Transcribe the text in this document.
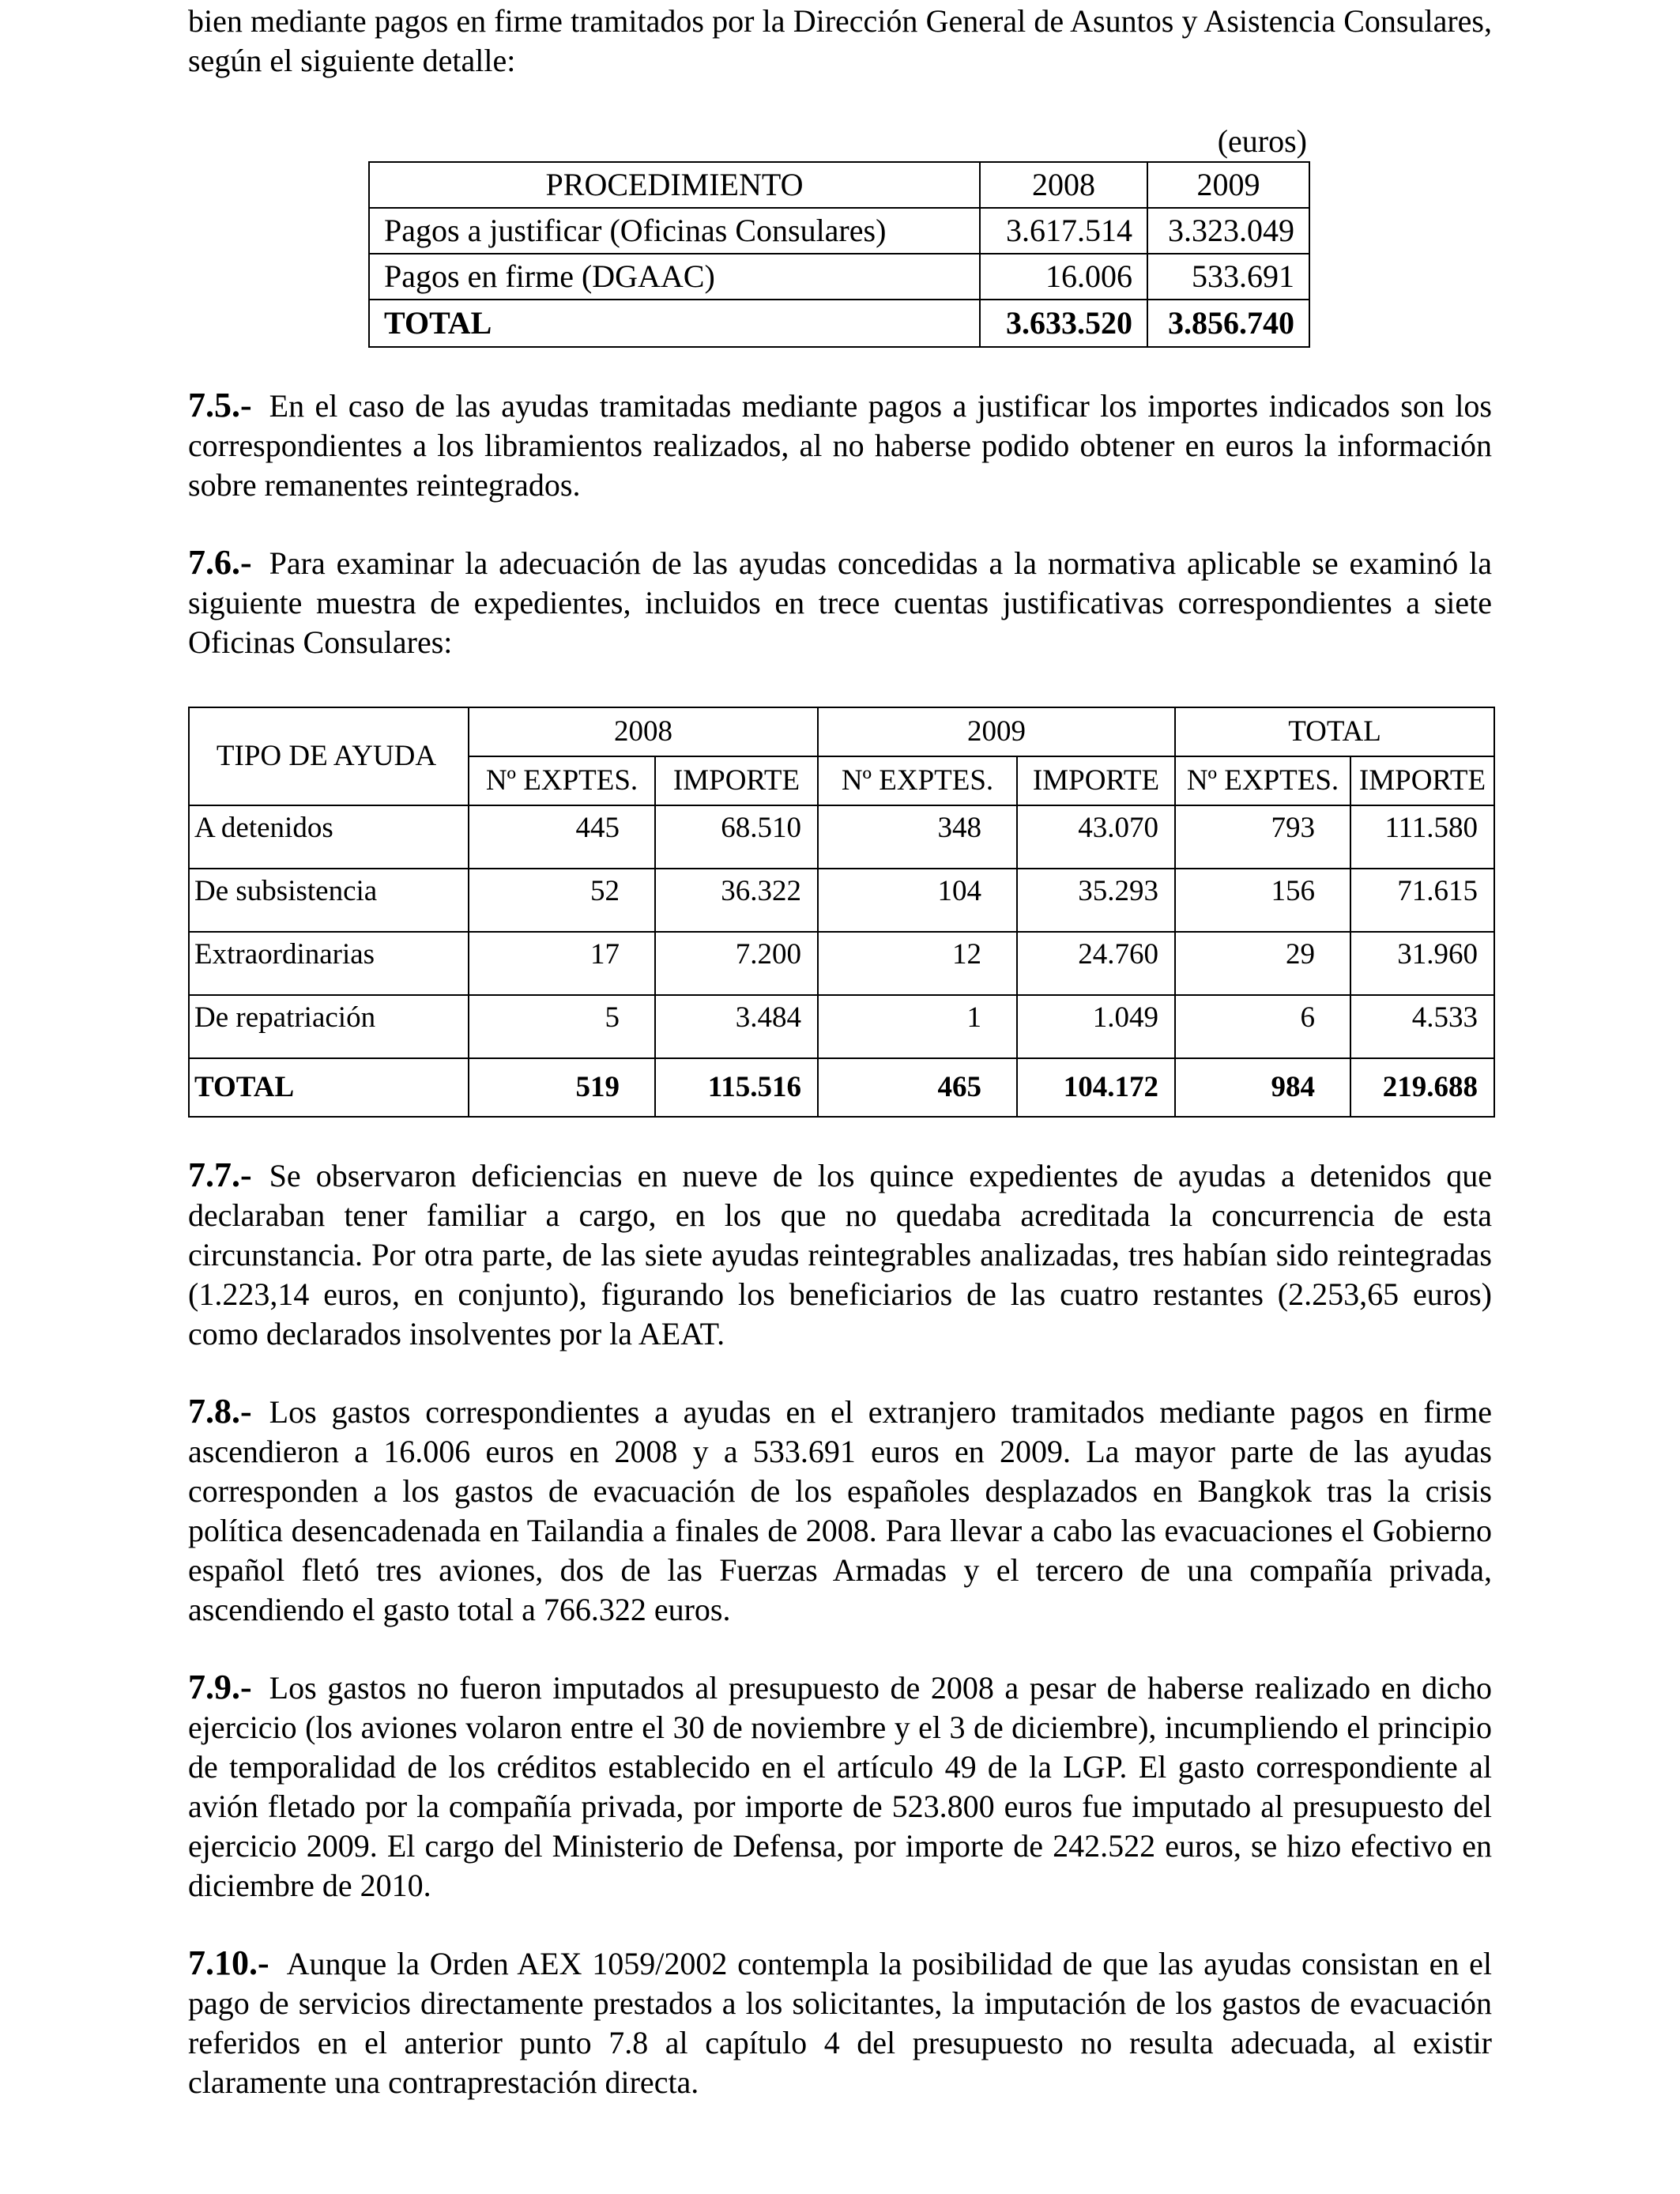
bien mediante pagos en firme tramitados por la Dirección General de Asuntos y Asistencia Consulares, según el siguiente detalle:

(euros)
PROCEDIMIENTO	2008	2009
Pagos a justificar (Oficinas Consulares)	3.617.514	3.323.049
Pagos en firme (DGAAC)	16.006	533.691
TOTAL	3.633.520	3.856.740

7.5.- En el caso de las ayudas tramitadas mediante pagos a justificar los importes indicados son los correspondientes a los libramientos realizados, al no haberse podido obtener en euros la información sobre remanentes reintegrados.

7.6.- Para examinar la adecuación de las ayudas concedidas a la normativa aplicable se examinó la siguiente muestra de expedientes, incluidos en trece cuentas justificativas correspondientes a siete Oficinas Consulares:

TIPO DE AYUDA	2008		2009		TOTAL	
	Nº EXPTES.	IMPORTE	Nº EXPTES.	IMPORTE	Nº EXPTES.	IMPORTE
A detenidos	445	68.510	348	43.070	793	111.580
De subsistencia	52	36.322	104	35.293	156	71.615
Extraordinarias	17	7.200	12	24.760	29	31.960
De repatriación	5	3.484	1	1.049	6	4.533
TOTAL	519	115.516	465	104.172	984	219.688

7.7.- Se observaron deficiencias en nueve de los quince expedientes de ayudas a detenidos que declaraban tener familiar a cargo, en los que no quedaba acreditada la concurrencia de esta circunstancia. Por otra parte, de las siete ayudas reintegrables analizadas, tres habían sido reintegradas (1.223,14 euros, en conjunto), figurando los beneficiarios de las cuatro restantes (2.253,65 euros) como declarados insolventes por la AEAT.

7.8.- Los gastos correspondientes a ayudas en el extranjero tramitados mediante pagos en firme ascendieron a 16.006 euros en 2008 y a 533.691 euros en 2009. La mayor parte de las ayudas corresponden a los gastos de evacuación de los españoles desplazados en Bangkok tras la crisis política desencadenada en Tailandia a finales de 2008. Para llevar a cabo las evacuaciones el Gobierno español fletó tres aviones, dos de las Fuerzas Armadas y el tercero de una compañía privada, ascendiendo el gasto total a 766.322 euros.

7.9.- Los gastos no fueron imputados al presupuesto de 2008 a pesar de haberse realizado en dicho ejercicio (los aviones volaron entre el 30 de noviembre y el 3 de diciembre), incumpliendo el principio de temporalidad de los créditos establecido en el artículo 49 de la LGP. El gasto correspondiente al avión fletado por la compañía privada, por importe de 523.800 euros fue imputado al presupuesto del ejercicio 2009. El cargo del Ministerio de Defensa, por importe de 242.522 euros, se hizo efectivo en diciembre de 2010.

7.10.- Aunque la Orden AEX 1059/2002 contempla la posibilidad de que las ayudas consistan en el pago de servicios directamente prestados a los solicitantes, la imputación de los gastos de evacuación referidos en el anterior punto 7.8 al capítulo 4 del presupuesto no resulta adecuada, al existir claramente una contraprestación directa.
